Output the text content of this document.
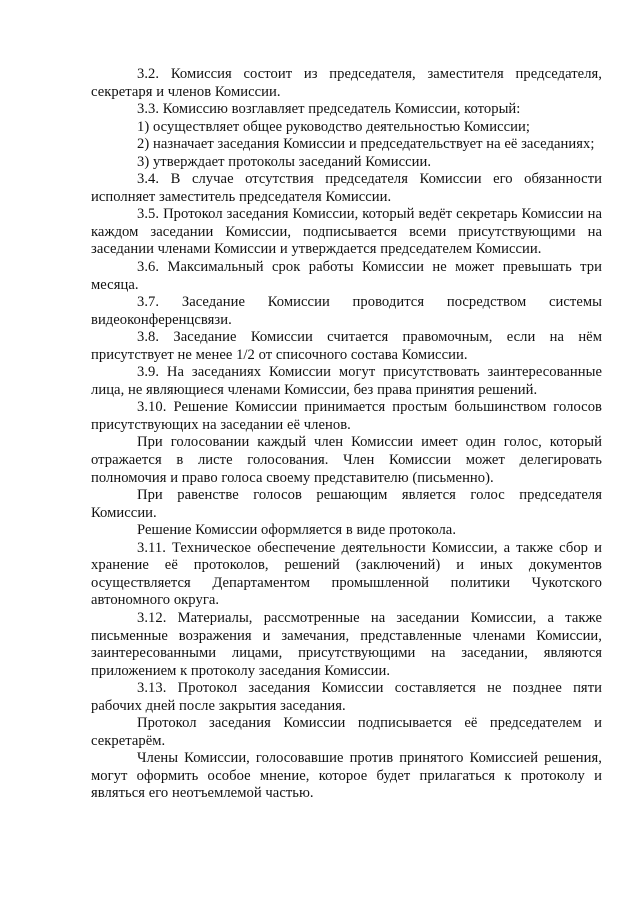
3.2. Комиссия состоит из председателя, заместителя председателя, секретаря и членов Комиссии.

3.3. Комиссию возглавляет председатель Комиссии, который:

1) осуществляет общее руководство деятельностью Комиссии;

2) назначает заседания Комиссии и председательствует на её заседаниях;

3) утверждает протоколы заседаний Комиссии.

3.4. В случае отсутствия председателя Комиссии его обязанности исполняет заместитель председателя Комиссии.

3.5. Протокол заседания Комиссии, который ведёт секретарь Комиссии на каждом заседании Комиссии, подписывается всеми присутствующими на заседании членами Комиссии и утверждается председателем Комиссии.

3.6. Максимальный срок работы Комиссии не может превышать три месяца.

3.7. Заседание Комиссии проводится посредством системы видеоконференцсвязи.

3.8. Заседание Комиссии считается правомочным, если на нём присутствует не менее 1/2 от списочного состава Комиссии.

3.9. На заседаниях Комиссии могут присутствовать заинтересованные лица, не являющиеся членами Комиссии, без права принятия решений.

3.10. Решение Комиссии принимается простым большинством голосов присутствующих на заседании её членов.

При голосовании каждый член Комиссии имеет один голос, который отражается в листе голосования. Член Комиссии может делегировать полномочия и право голоса своему представителю (письменно).

При равенстве голосов решающим является голос председателя Комиссии.

Решение Комиссии оформляется в виде протокола.

3.11. Техническое обеспечение деятельности Комиссии, а также сбор и хранение её протоколов, решений (заключений) и иных документов осуществляется Департаментом промышленной политики Чукотского автономного округа.

3.12. Материалы, рассмотренные на заседании Комиссии, а также письменные возражения и замечания, представленные членами Комиссии, заинтересованными лицами, присутствующими на заседании, являются приложением к протоколу заседания Комиссии.

3.13. Протокол заседания Комиссии составляется не позднее пяти рабочих дней после закрытия заседания.

Протокол заседания Комиссии подписывается её председателем и секретарём.

Члены Комиссии, голосовавшие против принятого Комиссией решения, могут оформить особое мнение, которое будет прилагаться к протоколу и являться его неотъемлемой частью.
